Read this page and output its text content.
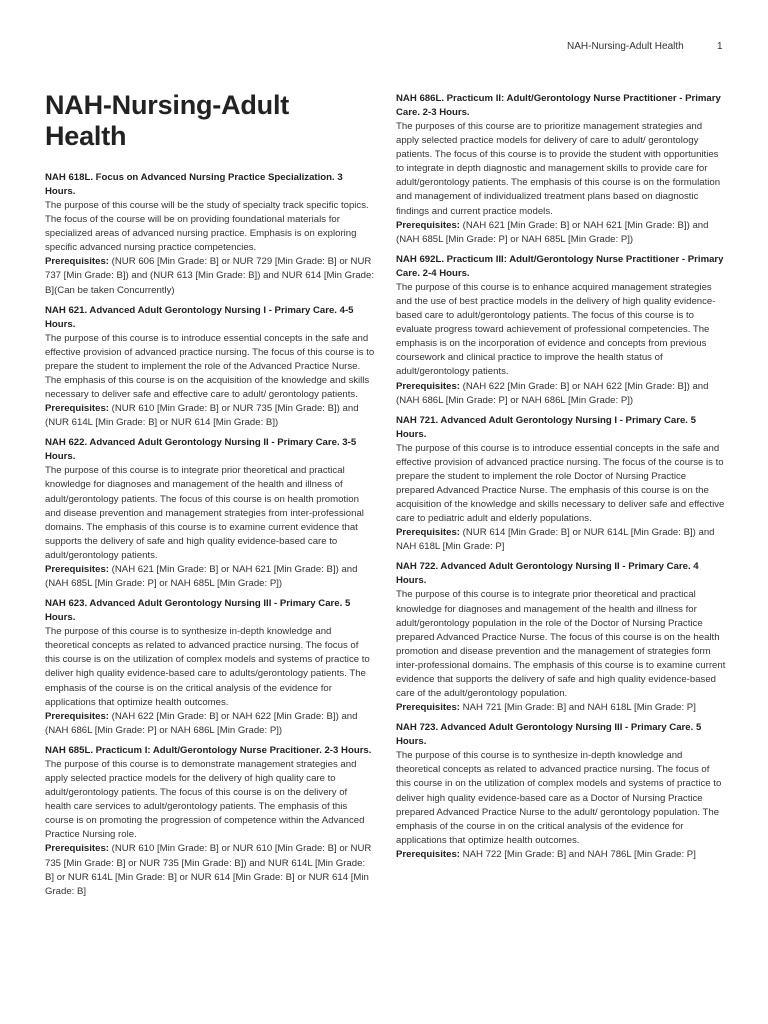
NAH-Nursing-Adult Health	1
NAH-Nursing-Adult
Health

NAH 618L. Focus on Advanced Nursing Practice Specialization. 3 Hours.

The purpose of this course will be the study of specialty track specific topics. The focus of the course will be on providing foundational materials for specialized areas of advanced nursing practice. Emphasis is on exploring specific advanced nursing practice competencies.

Prerequisites: (NUR 606 [Min Grade: B] or NUR 729 [Min Grade: B] or NUR 737 [Min Grade: B]) and (NUR 613 [Min Grade: B]) and NUR 614 [Min Grade: B](Can be taken Concurrently)

NAH 621. Advanced Adult Gerontology Nursing I - Primary Care. 4-5 Hours.

The purpose of this course is to introduce essential concepts in the safe and effective provision of advanced practice nursing. The focus of this course is to prepare the student to implement the role of the Advanced Practice Nurse. The emphasis of this course is on the acquisition of the knowledge and skills necessary to deliver safe and effective care to adult/ gerontology patients.

Prerequisites: (NUR 610 [Min Grade: B] or NUR 735 [Min Grade: B]) and (NUR 614L [Min Grade: B] or NUR 614 [Min Grade: B])

NAH 622. Advanced Adult Gerontology Nursing II - Primary Care. 3-5 Hours.

The purpose of this course is to integrate prior theoretical and practical knowledge for diagnoses and management of the health and illness of adult/gerontology patients. The focus of this course is on health promotion and disease prevention and management strategies from inter-professional domains. The emphasis of this course is to examine current evidence that supports the delivery of safe and high quality evidence-based care to adult/gerontology patients.

Prerequisites: (NAH 621 [Min Grade: B] or NAH 621 [Min Grade: B]) and (NAH 685L [Min Grade: P] or NAH 685L [Min Grade: P])

NAH 623. Advanced Adult Gerontology Nursing III - Primary Care. 5 Hours.

The purpose of this course is to synthesize in-depth knowledge and theoretical concepts as related to advanced practice nursing. The focus of this course is on the utilization of complex models and systems of practice to deliver high quality evidence-based care to adults/gerontology patients. The emphasis of the course is on the critical analysis of the evidence for applications that optimize health outcomes.

Prerequisites: (NAH 622 [Min Grade: B] or NAH 622 [Min Grade: B]) and (NAH 686L [Min Grade: P] or NAH 686L [Min Grade: P])

NAH 685L. Practicum I: Adult/Gerontology Nurse Pracitioner. 2-3 Hours.

The purpose of this course is to demonstrate management strategies and apply selected practice models for the delivery of high quality care to adult/gerontology patients. The focus of this course is on the delivery of health care services to adult/gerontology patients. The emphasis of this course is on promoting the progression of competence within the Advanced Practice Nursing role.

Prerequisites: (NUR 610 [Min Grade: B] or NUR 610 [Min Grade: B] or NUR 735 [Min Grade: B] or NUR 735 [Min Grade: B]) and NUR 614L [Min Grade: B] or NUR 614L [Min Grade: B] or NUR 614 [Min Grade: B] or NUR 614 [Min Grade: B]

NAH 686L. Practicum II: Adult/Gerontology Nurse Practitioner - Primary Care. 2-3 Hours.

The purposes of this course are to prioritize management strategies and apply selected practice models for delivery of care to adult/ gerontology patients. The focus of this course is to provide the student with opportunities to integrate in depth diagnostic and management skills to provide care for adult/gerontology patients. The emphasis of this course is on the formulation and management of individualized treatment plans based on diagnostic findings and current practice models.

Prerequisites: (NAH 621 [Min Grade: B] or NAH 621 [Min Grade: B]) and (NAH 685L [Min Grade: P] or NAH 685L [Min Grade: P])

NAH 692L. Practicum III: Adult/Gerontology Nurse Practitioner - Primary Care. 2-4 Hours.

The purpose of this course is to enhance acquired management strategies and the use of best practice models in the delivery of high quality evidence-based care to adult/gerontology patients. The focus of this course is to evaluate progress toward achievement of professional competencies. The emphasis is on the incorporation of evidence and concepts from previous coursework and clinical practice to improve the health status of adult/gerontology patients.

Prerequisites: (NAH 622 [Min Grade: B] or NAH 622 [Min Grade: B]) and (NAH 686L [Min Grade: P] or NAH 686L [Min Grade: P])

NAH 721. Advanced Adult Gerontology Nursing I - Primary Care. 5 Hours.

The purpose of this course is to introduce essential concepts in the safe and effective provision of advanced practice nursing. The focus of the course is to prepare the student to implement the role Doctor of Nursing Practice prepared Advanced Practice Nurse. The emphasis of this course is on the acquisition of the knowledge and skills necessary to deliver safe and effective care to pediatric adult and elderly populations.

Prerequisites: (NUR 614 [Min Grade: B] or NUR 614L [Min Grade: B]) and NAH 618L [Min Grade: P]

NAH 722. Advanced Adult Gerontology Nursing II - Primary Care. 4 Hours.

The purpose of this course is to integrate prior theoretical and practical knowledge for diagnoses and management of the health and illness for adult/gerontology population in the role of the Doctor of Nursing Practice prepared Advanced Practice Nurse. The focus of this course is on the health promotion and disease prevention and the management of strategies form inter-professional domains. The emphasis of this course is to examine current evidence that supports the delivery of safe and high quality evidence-based care of the adult/gerontology population.

Prerequisites: NAH 721 [Min Grade: B] and NAH 618L [Min Grade: P]

NAH 723. Advanced Adult Gerontology Nursing III - Primary Care. 5 Hours.

The purpose of this course is to synthesize in-depth knowledge and theoretical concepts as related to advanced practice nursing. The focus of this course in on the utilization of complex models and systems of practice to deliver high quality evidence-based care as a Doctor of Nursing Practice prepared Advanced Practice Nurse to the adult/ gerontology population. The emphasis of the course in on the critical analysis of the evidence for applications that optimize health outcomes.

Prerequisites: NAH 722 [Min Grade: B] and NAH 786L [Min Grade: P]
